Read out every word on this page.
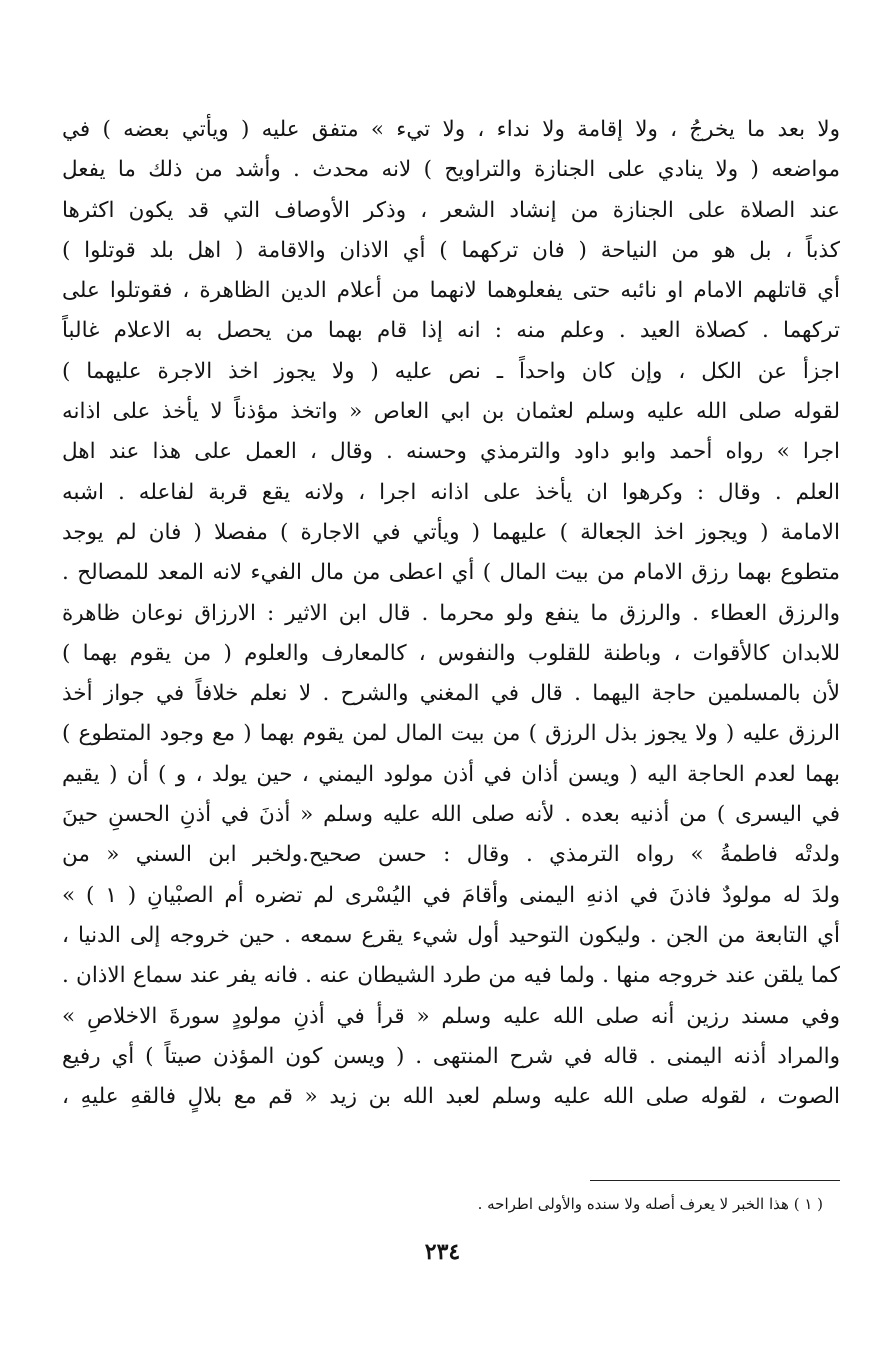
ولا بعد ما يخرجُ ، ولا إقامة ولا نداء ، ولا تيء » متفق عليه ( ويأتي بعضه ) في
مواضعه ( ولا ينادي على الجنازة والتراويح ) لانه محدث . وأشد من ذلك ما يفعل
عند الصلاة على الجنازة من إنشاد الشعر ، وذكر الأوصاف التي قد يكون اكثرها
كذباً ، بل هو من النياحة ( فان تركهما ) أي الاذان والاقامة ( اهل بلد قوتلوا )
أي قاتلهم الامام او نائبه حتى يفعلوهما لانهما من أعلام الدين الظاهرة ، فقوتلوا على
تركهما . كصلاة العيد . وعلم منه : انه إذا قام بهما من يحصل به الاعلام غالباً
اجزأ عن الكل ، وإن كان واحداً ـ نص عليه ( ولا يجوز اخذ الاجرة عليهما )
لقوله صلى الله عليه وسلم لعثمان بن ابي العاص « واتخذ مؤذناً لا يأخذ على اذانه
اجرا » رواه أحمد وابو داود والترمذي وحسنه . وقال ، العمل على هذا عند اهل
العلم . وقال : وكرهوا ان يأخذ على اذانه اجرا ، ولانه يقع قربة لفاعله . اشبه
الامامة ( ويجوز اخذ الجعالة ) عليهما ( ويأتي في الاجارة ) مفصلا ( فان لم يوجد
متطوع بهما رزق الامام من بيت المال ) أي اعطى من مال الفيء لانه المعد للمصالح .
والرزق العطاء . والرزق ما ينفع ولو محرما . قال ابن الاثير : الارزاق نوعان ظاهرة
للابدان كالأقوات ، وباطنة للقلوب والنفوس ، كالمعارف والعلوم ( من يقوم بهما )
لأن بالمسلمين حاجة اليهما . قال في المغني والشرح . لا نعلم خلافاً في جواز أخذ
الرزق عليه ( ولا يجوز بذل الرزق ) من بيت المال لمن يقوم بهما ( مع وجود المتطوع )
بهما لعدم الحاجة اليه ( ويسن أذان في أذن مولود اليمني ، حين يولد ، و ) أن ( يقيم
في اليسرى ) من أذنيه بعده . لأنه صلى الله عليه وسلم « أذنَ في أذنِ الحسنِ حينَ
ولدتْه فاطمةُ » رواه الترمذي . وقال : حسن صحيح.ولخبر ابن السني « من
ولدَ له مولودٌ فاذنَ في اذنهِ اليمنى وأقامَ في اليُسْرى لم تضره أم الصبْيانِ ( ١ ) »
أي التابعة من الجن . وليكون التوحيد أول شيء يقرع سمعه . حين خروجه إلى الدنيا ،
كما يلقن عند خروجه منها . ولما فيه من طرد الشيطان عنه . فانه يفر عند سماع الاذان .
وفي مسند رزين أنه صلى الله عليه وسلم « قرأ في أذنِ مولودٍ سورةَ الاخلاصِ »
والمراد أذنه اليمنى . قاله في شرح المنتهى . ( ويسن كون المؤذن صيتاً ) أي رفيع
الصوت ، لقوله صلى الله عليه وسلم لعبد الله بن زيد « قم مع بلالٍ فالقهِ عليهِ ،
( ١ ) هذا الخبر لا يعرف أصله ولا سنده والأولى اطراحه .
٢٣٤
